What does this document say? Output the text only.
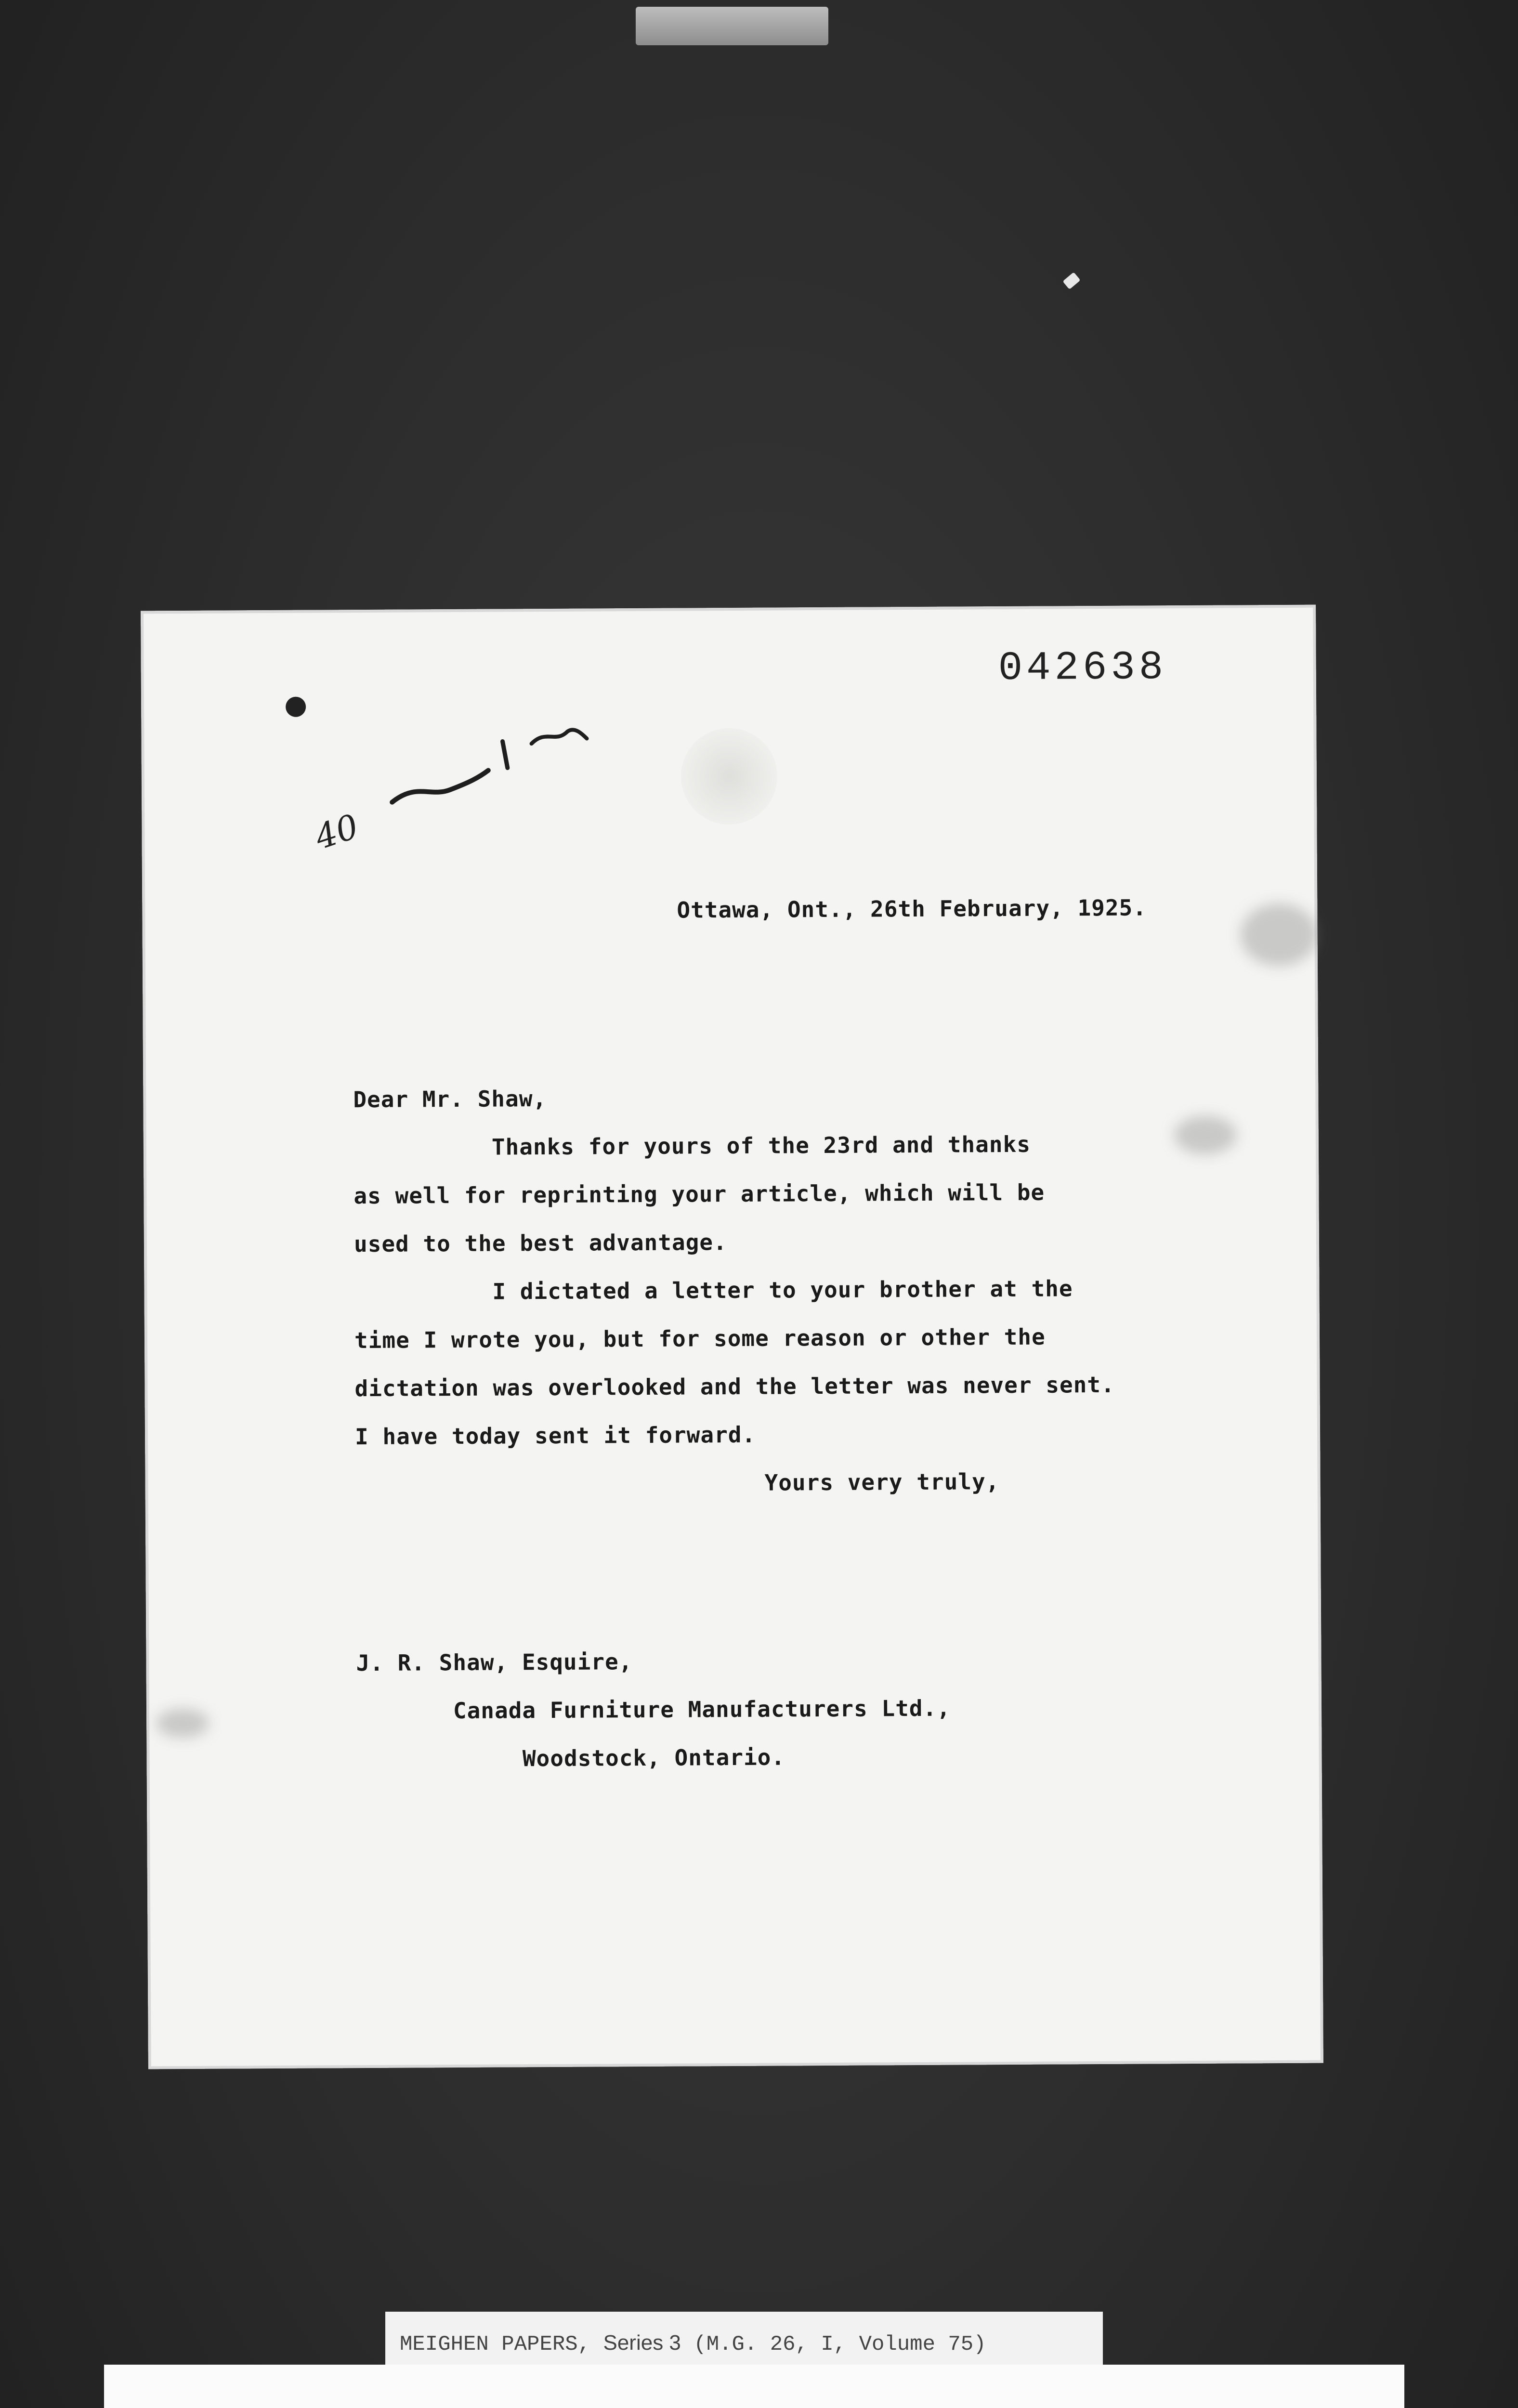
40
042638
Ottawa, Ont., 26th February, 1925.
Dear Mr. Shaw,
Thanks for yours of the 23rd and thanks
as well for reprinting your article, which will be
used to the best advantage.
I dictated a letter to your brother at the
time I wrote you, but for some reason or other the
dictation was overlooked and the letter was never sent.
I have today sent it forward.
Yours very truly,
J. R. Shaw, Esquire,
Canada Furniture Manufacturers Ltd.,
Woodstock, Ontario.
MEIGHEN PAPERS, Series 3 (M.G. 26, I, Volume 75)
